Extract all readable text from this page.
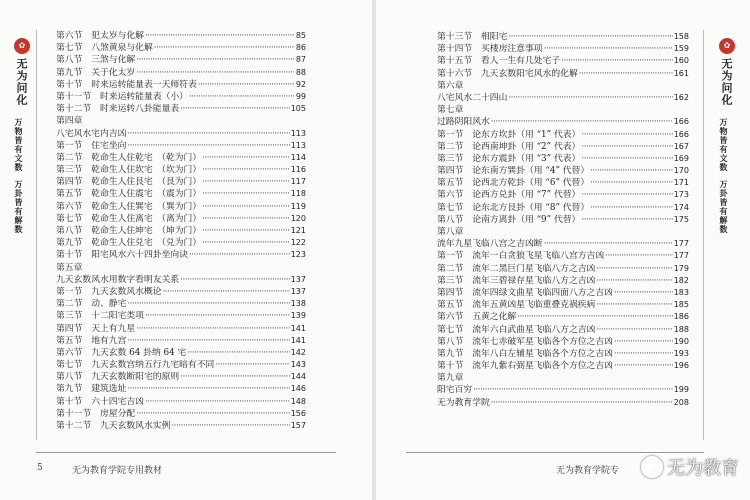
✿
无为问化
万物皆有文数
万卦皆有解数
第六节　犯太岁与化解 ·····	85
第七节　八煞黄泉与化解 ·····	86
第八节　三煞与化解 ·····	87
第九节　关于化太岁 ·····	88
第十节　时来运转能量表一天师符表 ·····	92
第十一节　时来运转能量表（小） ·····	99
第十二节　时来运转八卦能量表 ·····	105
第四章
八宅风水宅内吉凶 ·····	113
第一节　住宅坐向 ·····	113
第二节　乾命生人住乾宅　（乾为门） ·····	114
第三节　乾命生人住坎宅　（坎为门） ·····	116
第四节　乾命生人住艮宅　（艮为门） ·····	117
第五节　乾命生人住震宅　（震为门） ·····	118
第六节　乾命生人住巽宅　（巽为门） ·····	119
第七节　乾命生人住离宅　（离为门） ·····	120
第八节　乾命生人住坤宅　（坤为门） ·····	121
第九节　乾命生人住兑宅　（兑为门） ·····	122
第十节　阳宅风水六十四卦坐向诀 ·····	123
第五章
九天玄数风水用数字看明友关系 ·····	137
第一节　九天玄数风水概论 ·····	137
第二节　动、静宅 ·····	138
第三节　十二阳宅类项 ·····	139
第四节　天上有九星 ·····	141
第五节　地有九宫 ·····	141
第六节　九天玄数 64 卦纳 64 宅 ·····	142
第七节　九天玄数宫纳五行九宅暗有不同 ·····	143
第八节　九天玄数断阳宅的原则 ·····	144
第九节　建筑选址 ·····	146
第十节　六十四宅吉凶 ·····	148
第十一节　房屋分配 ·····	156
第十二节　九天玄数风水实例 ·····	157
5	无为教育学院专用教材
第十三节　相阳宅 ·····	158
第十四节　买楼房注意事项 ·····	159
第十五节　看人一生有几处宅子 ·····	160
第十六节　九天玄数阳宅风水的化解 ·····	161
第六章
八宅风水二十四山 ·····	162
第七章
过路阴阳风水 ·····	166
第一节　论东方坎卦（用 “1” 代表） ·····	166
第二节　论西南坤卦（用 “2” 代表） ·····	167
第三节　论东方震卦（用 “3” 代表） ·····	169
第四节　论东南方巽卦（用 “4” 代替） ·····	170
第五节　论西北方乾卦（用 “6” 代替） ·····	171
第六节　论西方兑卦（用 “7” 代替） ·····	173
第七节　论东北方艮卦（用 “8” 代替） ·····	174
第八节　论南方离卦（用 “9” 代替） ·····	175
第八章
流年九星飞临八宫之吉凶断 ·····	177
第一节　流年一白贪狼飞星飞临八宫方吉凶 ·····	177
第二节　流年二黑巨门星飞临八方之吉凶 ·····	179
第三节　流年三碧禄存星飞临八方之吉凶 ·····	182
第四节　流年四绿文曲星飞临四面八方之吉凶 ·····	183
第五节　流年五黄凶星飞临重叠克祸疾病 ·····	185
第六节　五黄之化解 ·····	186
第七节　流年六白武曲星飞临八方之吉凶 ·····	188
第八节　流年七赤破军星飞临各个方位之吉凶 ·····	190
第九节　流年八白左辅星飞临各个方位之吉凶 ·····	193
第十节　流年九紫右弼星飞临各个方位之吉凶 ·····	196
第九章
阳宅百穷 ·····	199
无为教育学院 ·····	208
✿
无为问化
万物皆有文数
万卦皆有解数
无为教育学院专	无为教育
